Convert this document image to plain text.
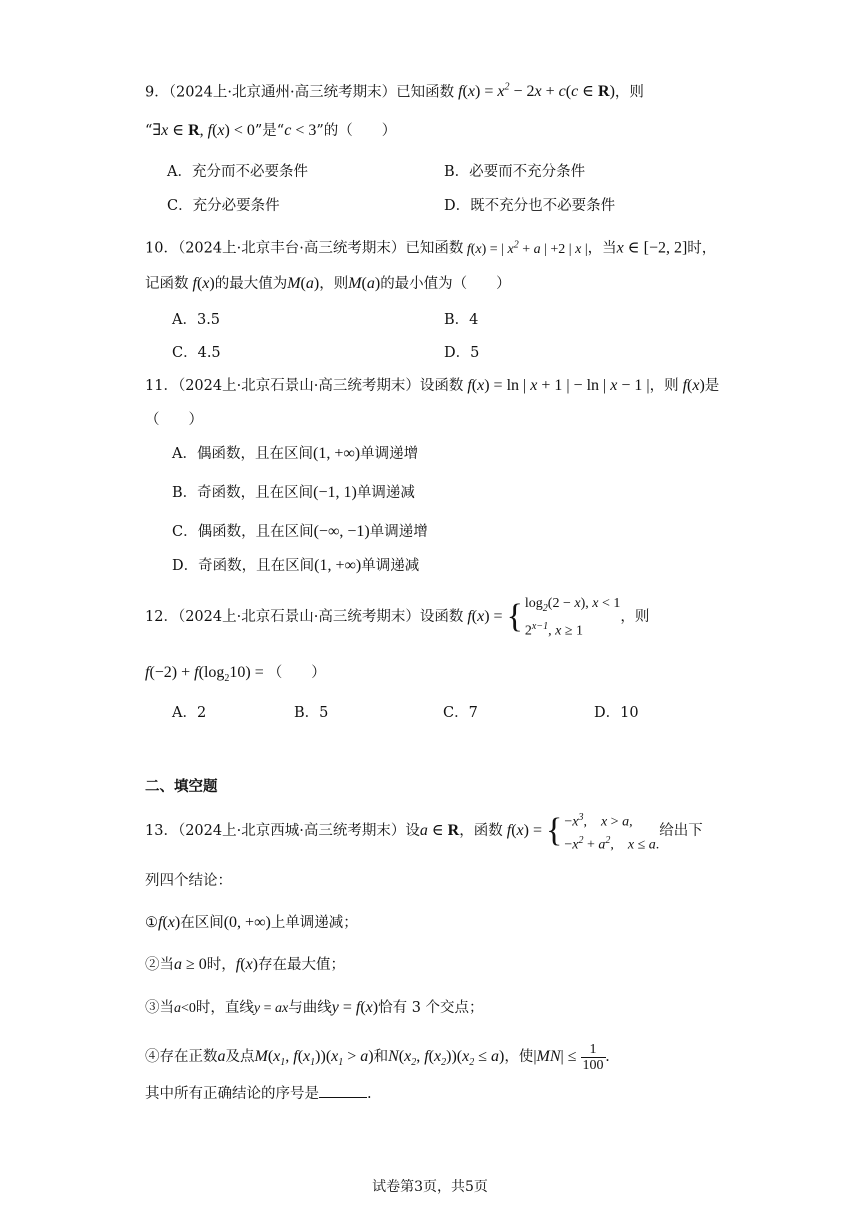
9．（2024上·北京通州·高三统考期末）已知函数 $f(x) = x^2 - 2x + c(c$ ∈ R)，则
“∃x ∈ R, f(x) < 0”是“c < 3”的（　　）
A．充分而不必要条件	B．必要而不充分条件
C．充分必要条件	D．既不充分也不必要条件
10．（2024上·北京丰台·高三统考期末）已知函数 f(x) = | $x^2 + a$ | +2 | x |，当x ∈ [−2, 2]时，
记函数 f(x)的最大值为M(a)，则M(a)的最小值为（　　）
A．3.5	B．4
C．4.5	D．5
11．（2024上·北京石景山·高三统考期末）设函数 f(x) = ln | x + 1 | − ln | x − 1 |，则 f(x)是
（　　）
A．偶函数，且在区间(1, +∞)单调递增
B．奇函数，且在区间(−1, 1)单调递减
C．偶函数，且在区间(−∞, −1)单调递增
D．奇函数，且在区间(1, +∞)单调递减
12．（2024上·北京石景山·高三统考期末）设函数 f(x) = { $\log_2(2 - x)$, x < 1
$2^{x-1}$, x ≥ 1，则
$f(-2) + f(\log_210)$ = （　　）
A．2	B．5	C．7	D．10
二、填空题
13．（2024上·北京西城·高三统考期末）设a ∈ R，函数 f(x) = { $-x^3$,　x > a,
$-x^2 + a^2$,　x ≤ a.给出下
列四个结论：
①f(x)在区间(0, +∞)上单调递减；
②当a ≥ 0时，f(x)存在最大值；
③当a<0时，直线y = ax与曲线y = f(x)恰有 3 个交点；
④存在正数a及点$M(x_1$, $f(x_1))(x_1 > a)$和$N(x_2$, $f(x_2))(x_2 \le a)$，使$|MN| \le \frac{1}{100}$ .
其中所有正确结论的序号是	.
试卷第3页，共5页
